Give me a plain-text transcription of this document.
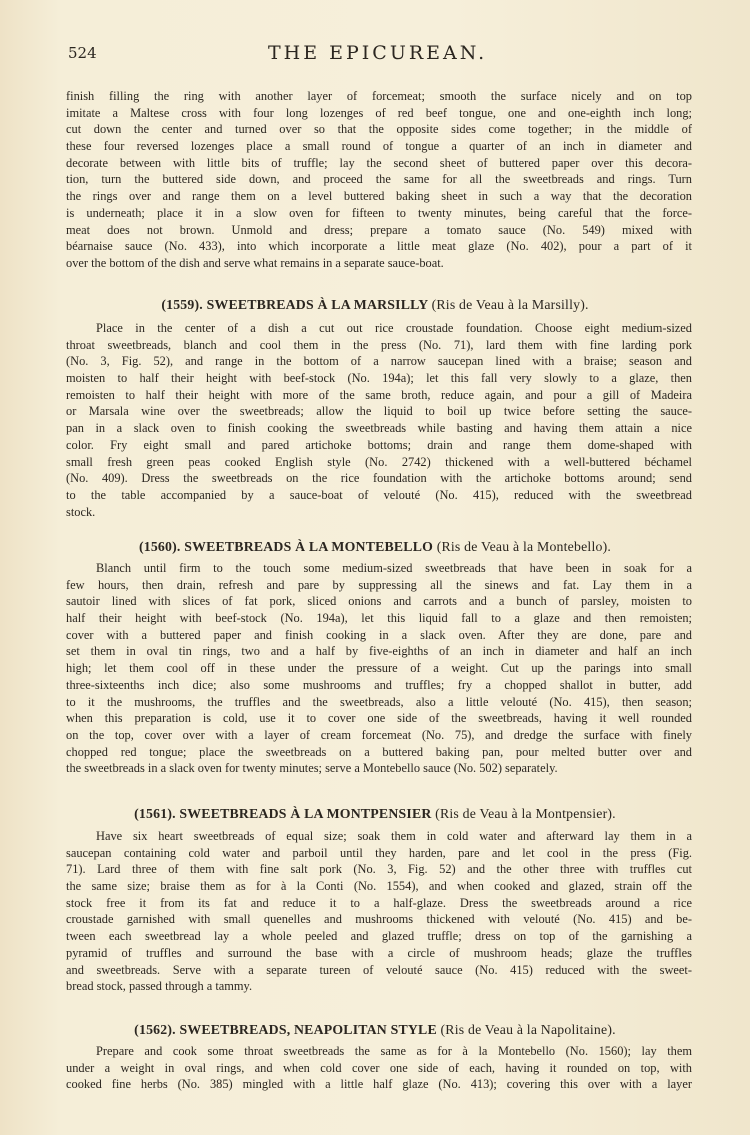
524	THE EPICUREAN.
finish filling the ring with another layer of forcemeat; smooth the surface nicely and on top
imitate a Maltese cross with four long lozenges of red beef tongue, one and one-eighth inch long;
cut down the center and turned over so that the opposite sides come together; in the middle of
these four reversed lozenges place a small round of tongue a quarter of an inch in diameter and
decorate between with little bits of truffle; lay the second sheet of buttered paper over this decora-
tion, turn the buttered side down, and proceed the same for all the sweetbreads and rings. Turn
the rings over and range them on a level buttered baking sheet in such a way that the decoration
is underneath; place it in a slow oven for fifteen to twenty minutes, being careful that the force-
meat does not brown. Unmold and dress; prepare a tomato sauce (No. 549) mixed with
béarnaise sauce (No. 433), into which incorporate a little meat glaze (No. 402), pour a part of it
over the bottom of the dish and serve what remains in a separate sauce-boat.
(1559). SWEETBREADS À LA MARSILLY (Ris de Veau à la Marsilly).
Place in the center of a dish a cut out rice croustade foundation. Choose eight medium-sized
throat sweetbreads, blanch and cool them in the press (No. 71), lard them with fine larding pork
(No. 3, Fig. 52), and range in the bottom of a narrow saucepan lined with a braise; season and
moisten to half their height with beef-stock (No. 194a); let this fall very slowly to a glaze, then
remoisten to half their height with more of the same broth, reduce again, and pour a gill of Madeira
or Marsala wine over the sweetbreads; allow the liquid to boil up twice before setting the sauce-
pan in a slack oven to finish cooking the sweetbreads while basting and having them attain a nice
color. Fry eight small and pared artichoke bottoms; drain and range them dome-shaped with
small fresh green peas cooked English style (No. 2742) thickened with a well-buttered béchamel
(No. 409). Dress the sweetbreads on the rice foundation with the artichoke bottoms around; send
to the table accompanied by a sauce-boat of velouté (No. 415), reduced with the sweetbread
stock.
(1560). SWEETBREADS À LA MONTEBELLO (Ris de Veau à la Montebello).
Blanch until firm to the touch some medium-sized sweetbreads that have been in soak for a
few hours, then drain, refresh and pare by suppressing all the sinews and fat. Lay them in a
sautoir lined with slices of fat pork, sliced onions and carrots and a bunch of parsley, moisten to
half their height with beef-stock (No. 194a), let this liquid fall to a glaze and then remoisten;
cover with a buttered paper and finish cooking in a slack oven. After they are done, pare and
set them in oval tin rings, two and a half by five-eighths of an inch in diameter and half an inch
high; let them cool off in these under the pressure of a weight. Cut up the parings into small
three-sixteenths inch dice; also some mushrooms and truffles; fry a chopped shallot in butter, add
to it the mushrooms, the truffles and the sweetbreads, also a little velouté (No. 415), then season;
when this preparation is cold, use it to cover one side of the sweetbreads, having it well rounded
on the top, cover over with a layer of cream forcemeat (No. 75), and dredge the surface with finely
chopped red tongue; place the sweetbreads on a buttered baking pan, pour melted butter over and
the sweetbreads in a slack oven for twenty minutes; serve a Montebello sauce (No. 502) separately.
(1561). SWEETBREADS À LA MONTPENSIER (Ris de Veau à la Montpensier).
Have six heart sweetbreads of equal size; soak them in cold water and afterward lay them in a
saucepan containing cold water and parboil until they harden, pare and let cool in the press (Fig.
71). Lard three of them with fine salt pork (No. 3, Fig. 52) and the other three with truffles cut
the same size; braise them as for à la Conti (No. 1554), and when cooked and glazed, strain off the
stock free it from its fat and reduce it to a half-glaze. Dress the sweetbreads around a rice
croustade garnished with small quenelles and mushrooms thickened with velouté (No. 415) and be-
tween each sweetbread lay a whole peeled and glazed truffle; dress on top of the garnishing a
pyramid of truffles and surround the base with a circle of mushroom heads; glaze the truffles
and sweetbreads. Serve with a separate tureen of velouté sauce (No. 415) reduced with the sweet-
bread stock, passed through a tammy.
(1562). SWEETBREADS, NEAPOLITAN STYLE (Ris de Veau à la Napolitaine).
Prepare and cook some throat sweetbreads the same as for à la Montebello (No. 1560); lay them
under a weight in oval rings, and when cold cover one side of each, having it rounded on top, with
cooked fine herbs (No. 385) mingled with a little half glaze (No. 413); covering this over with a layer
